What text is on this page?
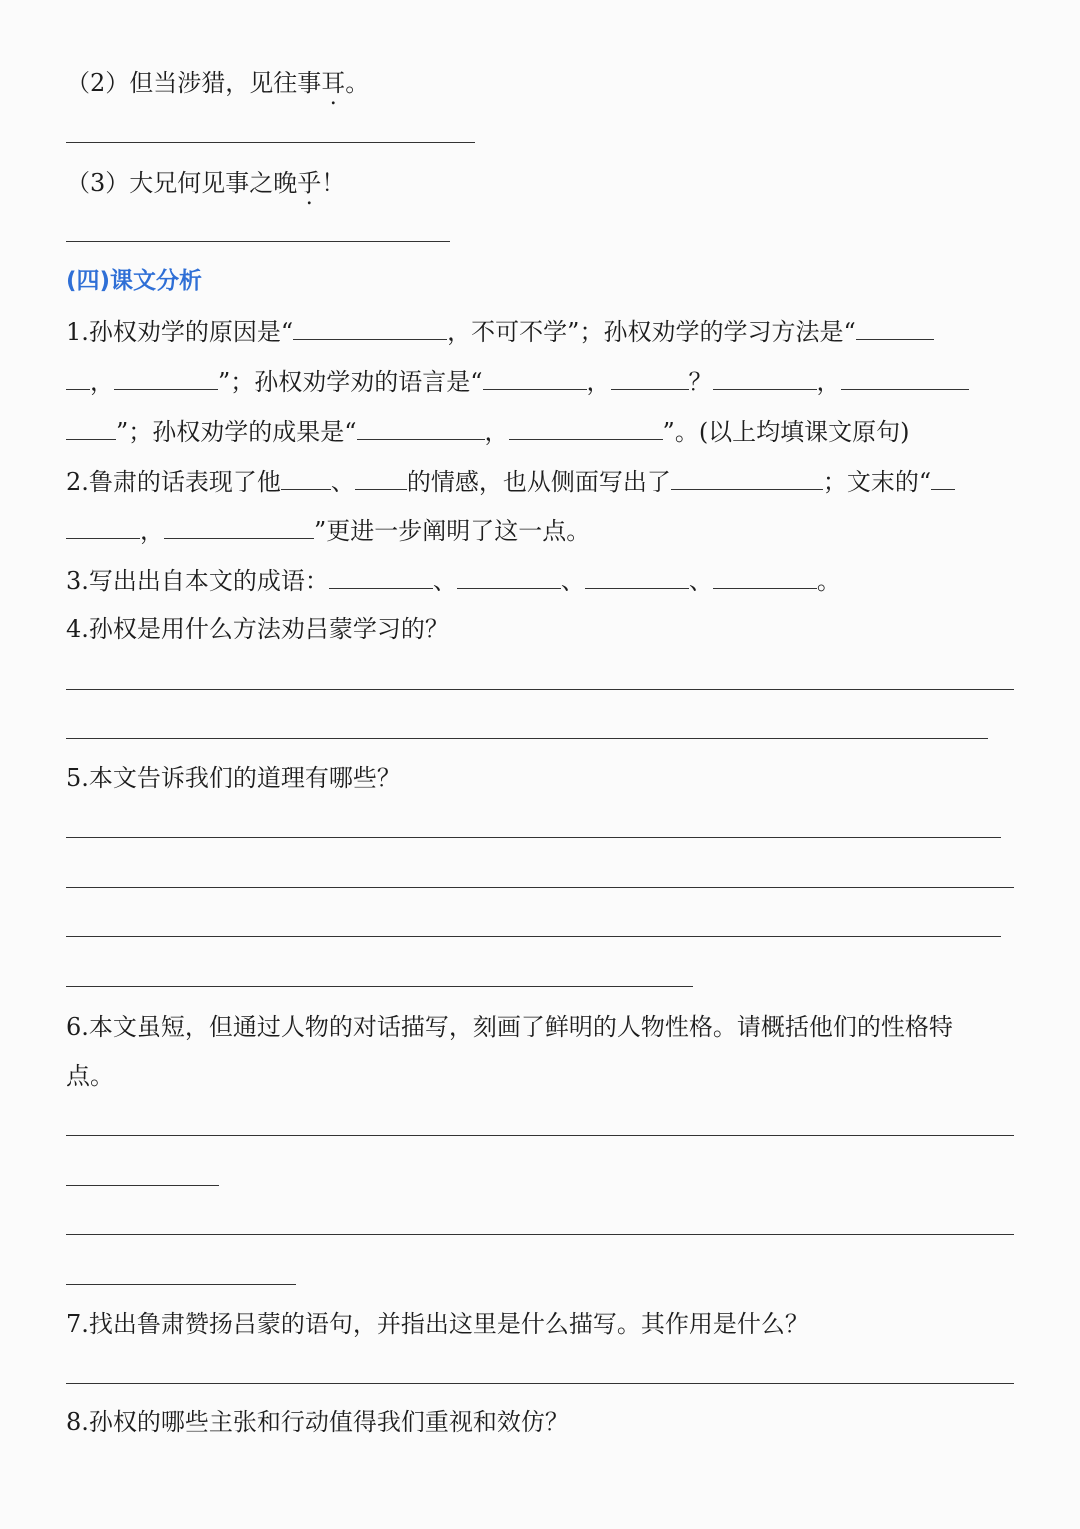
（2）但当涉猎，见往事耳。
（3）大兄何见事之晚乎！
(四)课文分析
1.孙权劝学的原因是“	，不可不学”；孙权劝学的学习方法是“
，	”；孙权劝学劝的语言是“	，	？	，
”；孙权劝学的成果是“	，	”。(以上均填课文原句)
2.鲁肃的话表现了他 、 的情感，也从侧面写出了	；文末的“
，	”更进一步阐明了这一点。
3.写出出自本文的成语：	、	、	、	。
4.孙权是用什么方法劝吕蒙学习的？
5.本文告诉我们的道理有哪些？
6.本文虽短，但通过人物的对话描写，刻画了鲜明的人物性格。请概括他们的性格特
点。
7.找出鲁肃赞扬吕蒙的语句，并指出这里是什么描写。其作用是什么？
8.孙权的哪些主张和行动值得我们重视和效仿？
